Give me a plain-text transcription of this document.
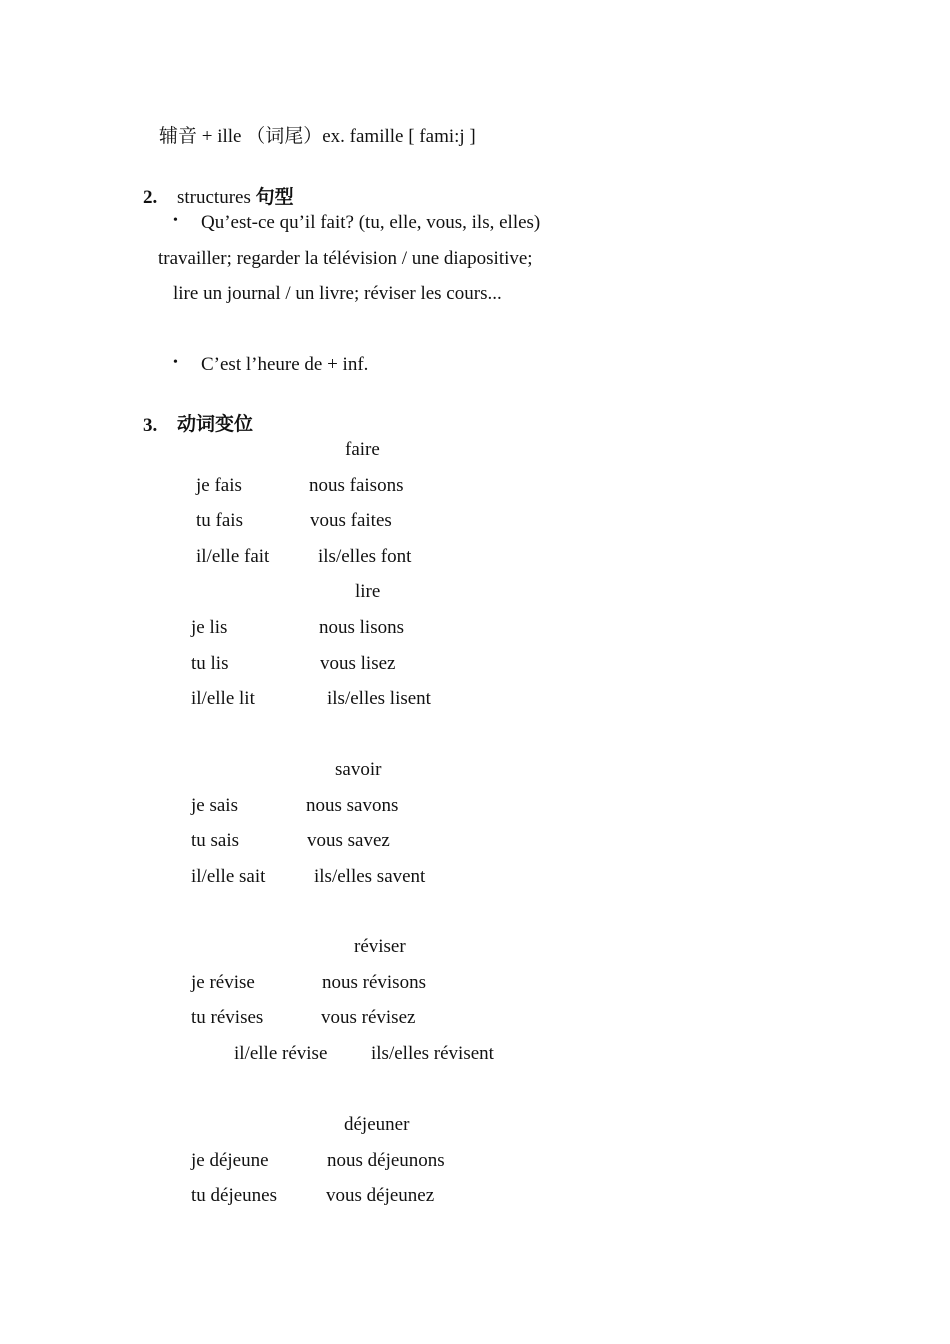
辅音 + ille （词尾）ex. famille [ fami:j ]
2. structures 句型
• Qu’est-ce qu’il fait? (tu, elle, vous, ils, elles)
travailler; regarder la télévision / une diapositive;
lire un journal / un livre; réviser les cours...
• C’est l’heure de + inf.
3. 动词变位
faire
je fais	nous faisons
tu fais	vous faites
il/elle fait	ils/elles font
lire
je lis	nous lisons
tu lis	vous lisez
il/elle lit	ils/elles lisent
savoir
je sais	nous savons
tu sais	vous savez
il/elle sait	ils/elles savent
réviser
je révise	nous révisons
tu révises	vous révisez
il/elle révise ils/elles révisent
déjeuner
je déjeune	nous déjeunons
tu déjeunes	vous déjeunez
